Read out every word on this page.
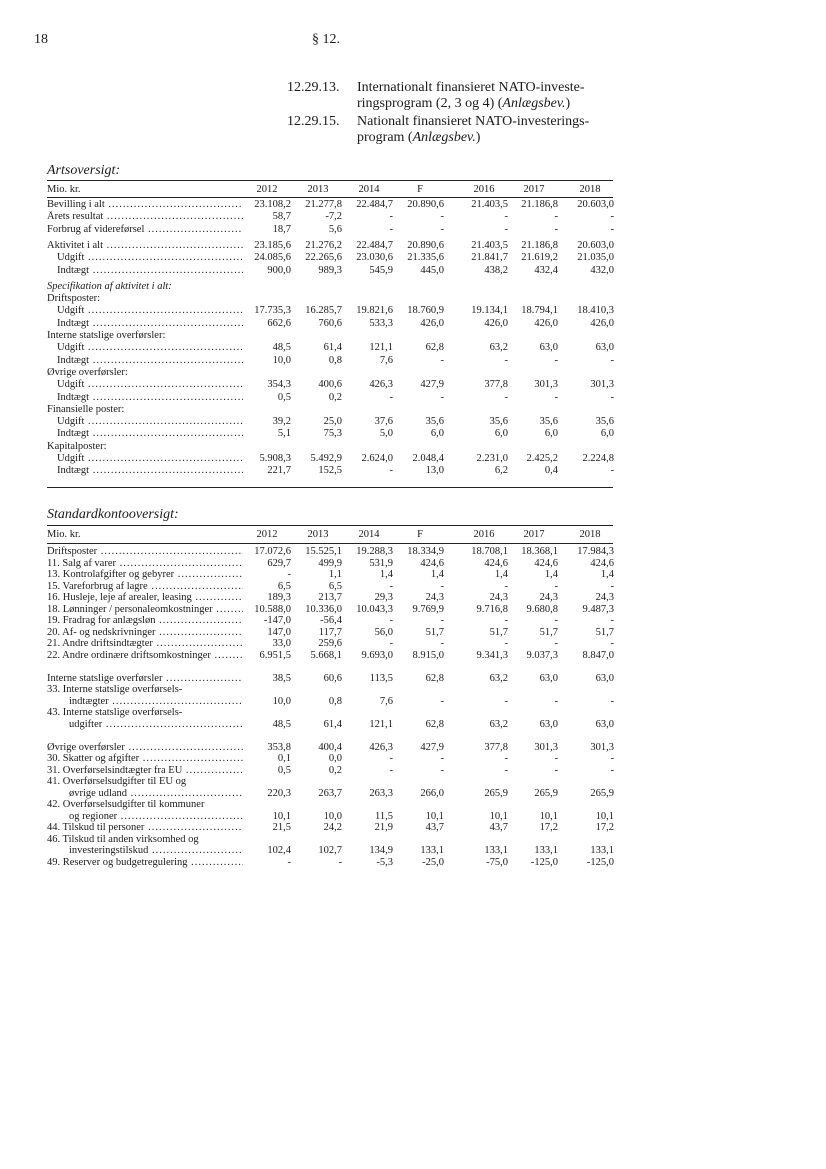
18	§ 12.
12.29.13. Internationalt finansieret NATO-investe-
ringsprogram (2, 3 og 4) (Anlægsbev.)
12.29.15. Nationalt finansieret NATO-investerings-
program (Anlægsbev.)
Artsoversigt:
Mio. kr.	2012	2013	2014	F	2016	2017	2018
Bevilling i alt .....	23.108,2	21.277,8	22.484,7	20.890,6	21.403,5	21.186,8	20.603,0
Årets resultat .....	58,7	-7,2	-	-	-	-	-
Forbrug af videreførsel .....	18,7	5,6	-	-	-	-	-
Aktivitet i alt .....	23.185,6	21.276,2	22.484,7	20.890,6	21.403,5	21.186,8	20.603,0
Udgift .....	24.085,6	22.265,6	23.030,6	21.335,6	21.841,7	21.619,2	21.035,0
Indtægt .....	900,0	989,3	545,9	445,0	438,2	432,4	432,0
Specifikation af aktivitet i alt:
Driftsposter:
Udgift .....	17.735,3	16.285,7	19.821,6	18.760,9	19.134,1	18.794,1	18.410,3
Indtægt .....	662,6	760,6	533,3	426,0	426,0	426,0	426,0
Interne statslige overførsler:
Udgift .....	48,5	61,4	121,1	62,8	63,2	63,0	63,0
Indtægt .....	10,0	0,8	7,6	-	-	-	-
Øvrige overførsler:
Udgift .....	354,3	400,6	426,3	427,9	377,8	301,3	301,3
Indtægt .....	0,5	0,2	-	-	-	-	-
Finansielle poster:
Udgift .....	39,2	25,0	37,6	35,6	35,6	35,6	35,6
Indtægt .....	5,1	75,3	5,0	6,0	6,0	6,0	6,0
Kapitalposter:
Udgift .....	5.908,3	5.492,9	2.624,0	2.048,4	2.231,0	2.425,2	2.224,8
Indtægt .....	221,7	152,5	-	13,0	6,2	0,4	-
Standardkontooversigt:
Mio. kr.	2012	2013	2014	F	2016	2017	2018
Driftsposter .....	17.072,6	15.525,1	19.288,3	18.334,9	18.708,1	18.368,1	17.984,3
11. Salg af varer .....	629,7	499,9	531,9	424,6	424,6	424,6	424,6
13. Kontrolafgifter og gebyrer .....	-	1,1	1,4	1,4	1,4	1,4	1,4
15. Vareforbrug af lagre .....	6,5	6,5	-	-	-	-	-
16. Husleje, leje af arealer, leasing .....	189,3	213,7	29,3	24,3	24,3	24,3	24,3
18. Lønninger / personaleomkostninger .....	10.588,0	10.336,0	10.043,3	9.769,9	9.716,8	9.680,8	9.487,3
19. Fradrag for anlægsløn .....	-147,0	-56,4	-	-	-	-	-
20. Af- og nedskrivninger .....	147,0	117,7	56,0	51,7	51,7	51,7	51,7
21. Andre driftsindtægter .....	33,0	259,6	-	-	-	-	-
22. Andre ordinære driftsomkostninger .....	6.951,5	5.668,1	9.693,0	8.915,0	9.341,3	9.037,3	8.847,0
Interne statslige overførsler .....	38,5	60,6	113,5	62,8	63,2	63,0	63,0
33. Interne statslige overførsels-
indtægter .....	10,0	0,8	7,6	-	-	-	-
43. Interne statslige overførsels-
udgifter .....	48,5	61,4	121,1	62,8	63,2	63,0	63,0
Øvrige overførsler .....	353,8	400,4	426,3	427,9	377,8	301,3	301,3
30. Skatter og afgifter .....	0,1	0,0	-	-	-	-	-
31. Overførselsindtægter fra EU .....	0,5	0,2	-	-	-	-	-
41. Overførselsudgifter til EU og
øvrige udland .....	220,3	263,7	263,3	266,0	265,9	265,9	265,9
42. Overførselsudgifter til kommuner
og regioner .....	10,1	10,0	11,5	10,1	10,1	10,1	10,1
44. Tilskud til personer .....	21,5	24,2	21,9	43,7	43,7	17,2	17,2
46. Tilskud til anden virksomhed og
investeringstilskud .....	102,4	102,7	134,9	133,1	133,1	133,1	133,1
49. Reserver og budgetregulering .....	-	-	-5,3	-25,0	-75,0	-125,0	-125,0
